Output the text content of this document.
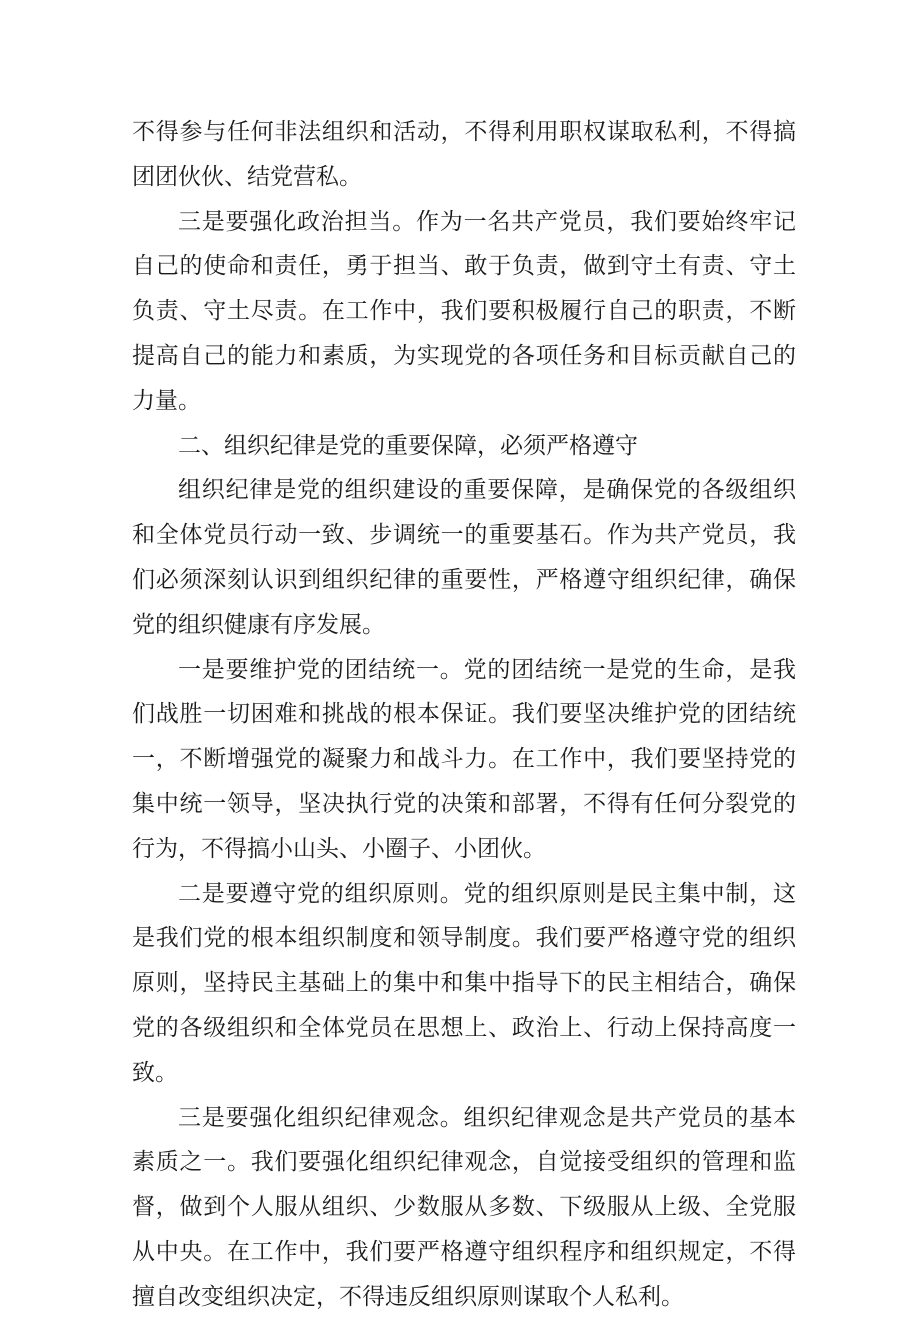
不得参与任何非法组织和活动，不得利用职权谋取私利，不得搞团团伙伙、结党营私。

三是要强化政治担当。作为一名共产党员，我们要始终牢记自己的使命和责任，勇于担当、敢于负责，做到守土有责、守土负责、守土尽责。在工作中，我们要积极履行自己的职责，不断提高自己的能力和素质，为实现党的各项任务和目标贡献自己的力量。

二、组织纪律是党的重要保障，必须严格遵守

组织纪律是党的组织建设的重要保障，是确保党的各级组织和全体党员行动一致、步调统一的重要基石。作为共产党员，我们必须深刻认识到组织纪律的重要性，严格遵守组织纪律，确保党的组织健康有序发展。

一是要维护党的团结统一。党的团结统一是党的生命，是我们战胜一切困难和挑战的根本保证。我们要坚决维护党的团结统一，不断增强党的凝聚力和战斗力。在工作中，我们要坚持党的集中统一领导，坚决执行党的决策和部署，不得有任何分裂党的行为，不得搞小山头、小圈子、小团伙。

二是要遵守党的组织原则。党的组织原则是民主集中制，这是我们党的根本组织制度和领导制度。我们要严格遵守党的组织原则，坚持民主基础上的集中和集中指导下的民主相结合，确保党的各级组织和全体党员在思想上、政治上、行动上保持高度一致。

三是要强化组织纪律观念。组织纪律观念是共产党员的基本素质之一。我们要强化组织纪律观念，自觉接受组织的管理和监督，做到个人服从组织、少数服从多数、下级服从上级、全党服从中央。在工作中，我们要严格遵守组织程序和组织规定，不得擅自改变组织决定，不得违反组织原则谋取个人私利。
